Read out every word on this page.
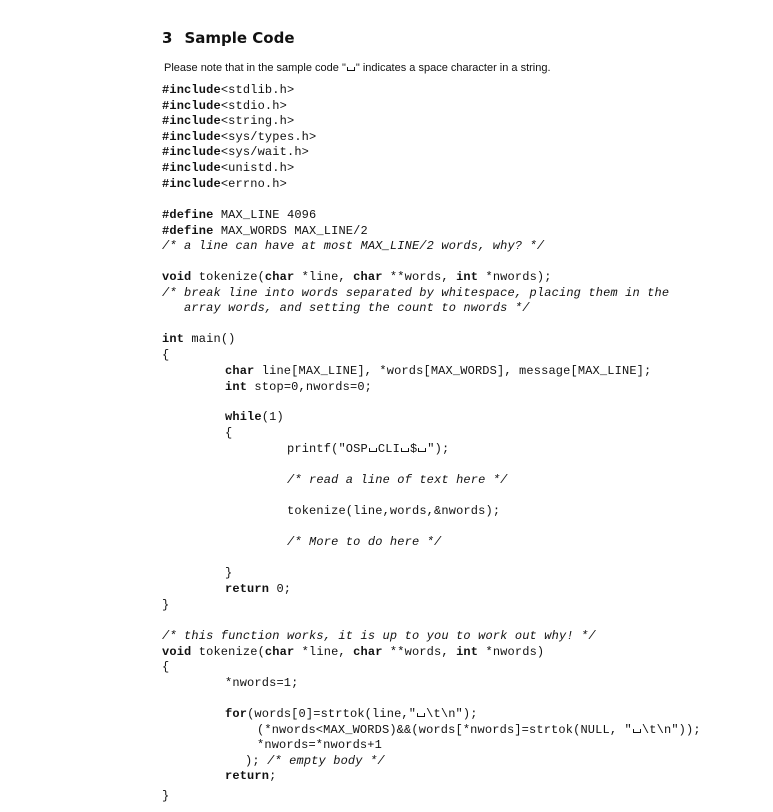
3 Sample Code
Please note that in the sample code " " indicates a space character in a string.
#include<stdlib.h>
#include<stdio.h>
#include<string.h>
#include<sys/types.h>
#include<sys/wait.h>
#include<unistd.h>
#include<errno.h>
#define MAX_LINE 4096
#define MAX_WORDS MAX_LINE/2
/* a line can have at most MAX_LINE/2 words, why? */
void tokenize(char *line, char **words, int *nwords);
/* break line into words separated by whitespace, placing them in the
array words, and setting the count to nwords */
int main()
{
char line[MAX_LINE], *words[MAX_WORDS], message[MAX_LINE];
int stop=0,nwords=0;
while(1)
{
printf("OSP CLI $ ");
/* read a line of text here */
tokenize(line,words,&nwords);
/* More to do here */
}
return 0;
}
/* this function works, it is up to you to work out why! */
void tokenize(char *line, char **words, int *nwords)
{
*nwords=1;
for(words[0]=strtok(line," \t\n");
(*nwords<MAX_WORDS)&&(words[*nwords]=strtok(NULL, " \t\n"));
*nwords=*nwords+1
); /* empty body */
return;
}
